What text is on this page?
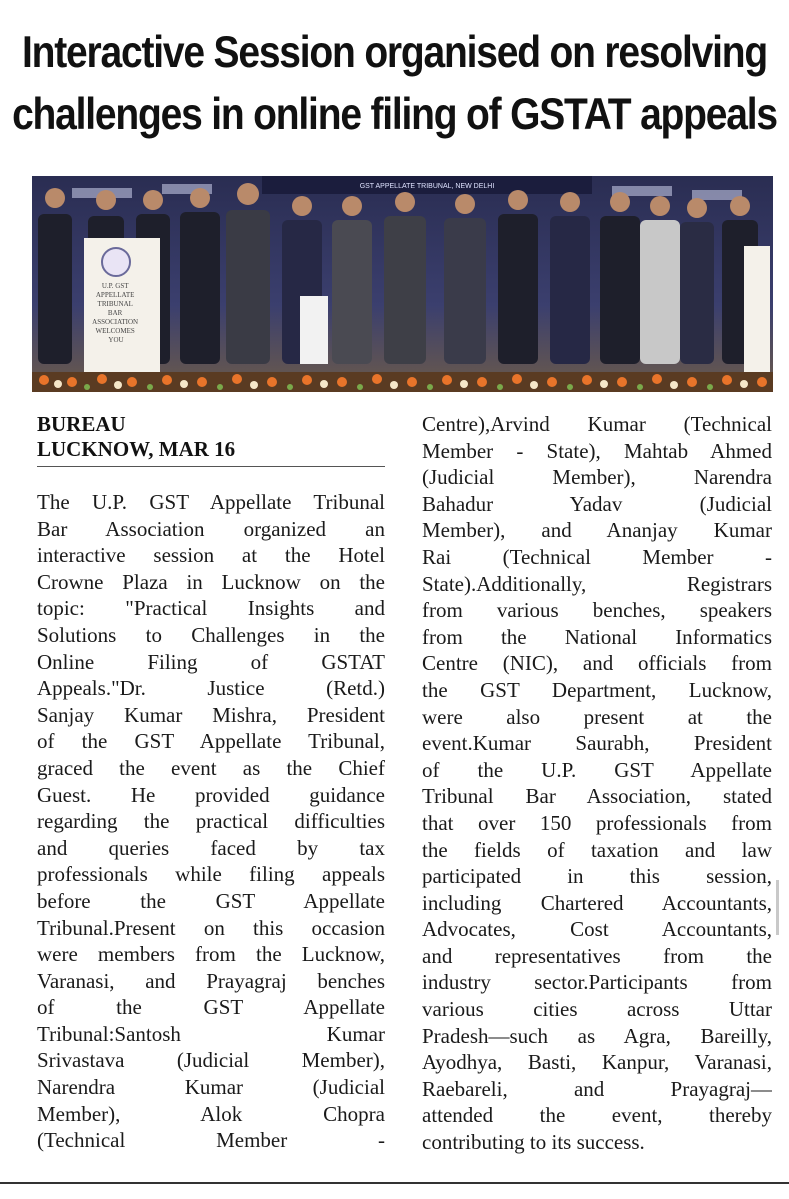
Interactive Session organised on resolving
challenges in online filing of GSTAT appeals
GST APPELLATE TRIBUNAL, NEW DELHI
U.P. GST APPELLATE TRIBUNAL BAR ASSOCIATION WELCOMES YOU
BUREAU
LUCKNOW, MAR 16
The U.P. GST Appellate Tribunal
Bar Association organized an
interactive session at the Hotel
Crowne Plaza in Lucknow on the
topic: "Practical Insights and
Solutions to Challenges in the
Online Filing of GSTAT
Appeals."Dr. Justice (Retd.)
Sanjay Kumar Mishra, President
of the GST Appellate Tribunal,
graced the event as the Chief
Guest. He provided guidance
regarding the practical difficulties
and queries faced by tax
professionals while filing appeals
before the GST Appellate
Tribunal.Present on this occasion
were members from the Lucknow,
Varanasi, and Prayagraj benches
of the GST Appellate
Tribunal:Santosh Kumar
Srivastava (Judicial Member),
Narendra Kumar (Judicial
Member), Alok Chopra
(Technical Member -
Centre),Arvind Kumar (Technical
Member - State), Mahtab Ahmed
(Judicial Member), Narendra
Bahadur Yadav (Judicial
Member), and Ananjay Kumar
Rai (Technical Member -
State).Additionally, Registrars
from various benches, speakers
from the National Informatics
Centre (NIC), and officials from
the GST Department, Lucknow,
were also present at the
event.Kumar Saurabh, President
of the U.P. GST Appellate
Tribunal Bar Association, stated
that over 150 professionals from
the fields of taxation and law
participated in this session,
including Chartered Accountants,
Advocates, Cost Accountants,
and representatives from the
industry sector.Participants from
various cities across Uttar
Pradesh—such as Agra, Bareilly,
Ayodhya, Basti, Kanpur, Varanasi,
Raebareli, and Prayagraj—
attended the event, thereby
contributing to its success.
